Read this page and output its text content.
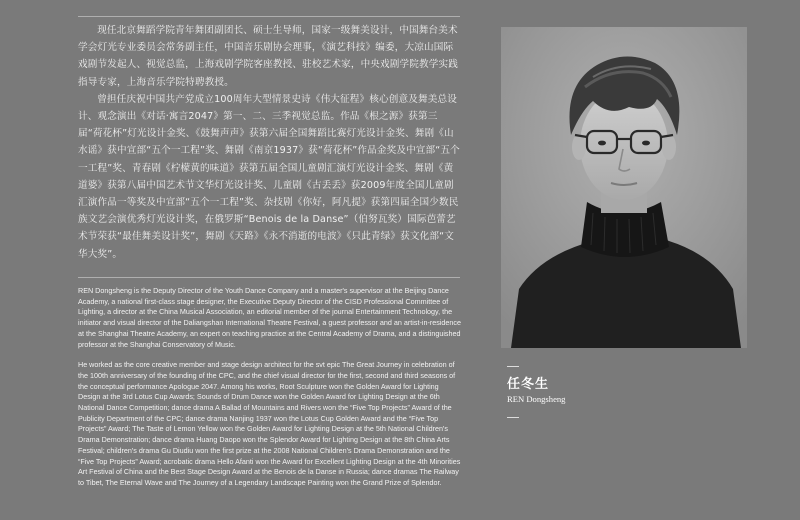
现任北京舞蹈学院青年舞团副团长、硕士生导师，国家一级舞美设计，中国舞台美术学会灯光专业委员会常务副主任，中国音乐剧协会理事，《演艺科技》编委，大凉山国际戏剧节发起人、视觉总监，上海戏剧学院客座教授、驻校艺术家，中央戏剧学院教学实践指导专家，上海音乐学院特聘教授。

曾担任庆祝中国共产党成立100周年大型情景史诗《伟大征程》核心创意及舞美总设计、观念演出《对话·寓言2047》第一、二、三季视觉总监。作品《根之源》获第三届“荷花杯”灯光设计金奖、《鼓舞声声》获第六届全国舞蹈比赛灯光设计金奖、舞剧《山水谣》获中宣部“五个一工程”奖、舞剧《南京1937》获“荷花杯”作品金奖及中宣部“五个一工程”奖、青春剧《柠檬黄的味道》获第五届全国儿童剧汇演灯光设计金奖、舞剧《黄道婆》获第八届中国艺术节文华灯光设计奖、儿童剧《古丢丢》获2009年度全国儿童剧汇演作品一等奖及中宣部“五个一工程”奖、杂技剧《你好，阿凡提》获第四届全国少数民族文艺会演优秀灯光设计奖，在俄罗斯“Benois de la Danse”（伯努瓦奖）国际芭蕾艺术节荣获“最佳舞美设计奖”，舞剧《天路》《永不消逝的电波》《只此青绿》获文化部“文华大奖”。

REN Dongsheng is the Deputy Director of the Youth Dance Company and a master's supervisor at the Beijing Dance Academy, a national first-class stage designer, the Executive Deputy Director of the CISD Professional Committee of Lighting, a director at the China Musical Association, an editorial member of the journal Entertainment Technology, the initiator and visual director of the Daliangshan International Theatre Festival, a guest professor and an artist-in-residence at the Shanghai Theatre Academy, an expert on teaching practice at the Central Academy of Drama, and a distinguished professor at the Shanghai Conservatory of Music.

He worked as the core creative member and stage design architect for the svt epic The Great Journey in celebration of the 100th anniversary of the founding of the CPC, and the chief visual director for the first, second and third seasons of the conceptual performance Apologue 2047. Among his works, Root Sculpture won the Golden Award for Lighting Design at the 3rd Lotus Cup Awards; Sounds of Drum Dance won the Golden Award for Lighting Design at the 6th National Dance Competition; dance drama A Ballad of Mountains and Rivers won the “Five Top Projects” Award of the Publicity Department of the CPC; dance drama Nanjing 1937 won the Lotus Cup Golden Award and the “Five Top Projects” Award; The Taste of Lemon Yellow won the Golden Award for Lighting Design at the 5th National Children's Drama Demonstration; dance drama Huang Daopo won the Splendor Award for Lighting Design at the 8th China Arts Festival; children's drama Gu Diudiu won the first prize at the 2008 National Children's Drama Demonstration and the “Five Top Projects” Award; acrobatic drama Hello Afanti won the Award for Excellent Lighting Design at the 4th Minorities Art Festival of China and the Best Stage Design Award at the Benois de la Danse in Russia; dance dramas The Railway to Tibet, The Eternal Wave and The Journey of a Legendary Landscape Painting won the Grand Prize of Splendor.

任冬生
REN Dongsheng
